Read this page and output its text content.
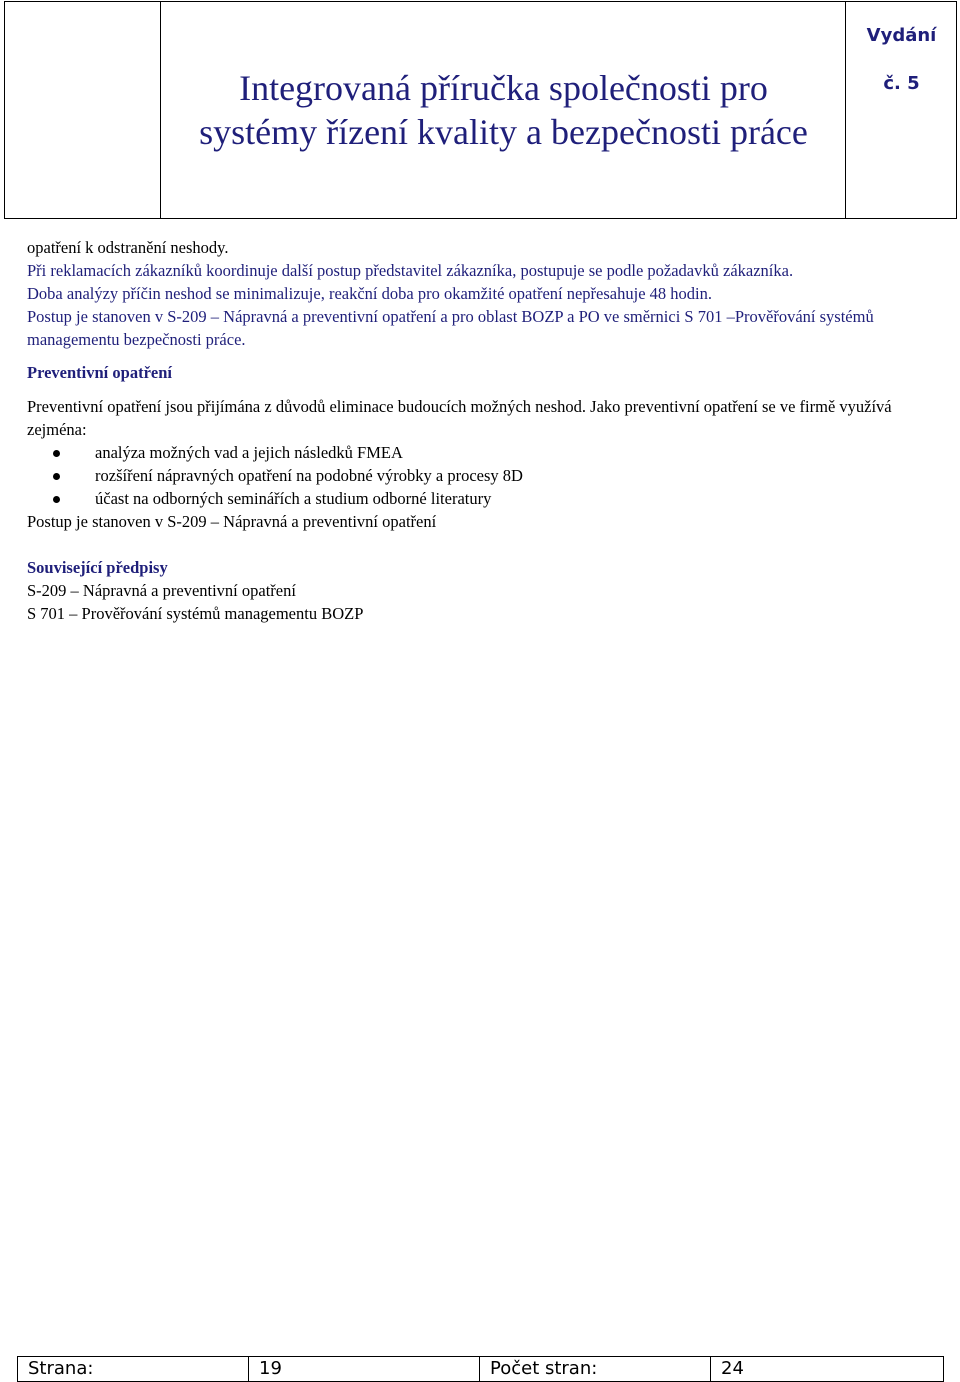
Integrovaná příručka společnosti pro systémy řízení kvality a bezpečnosti práce
Vydání
č. 5

opatření k odstranění neshody.

Při reklamacích zákazníků koordinuje další postup představitel zákazníka, postupuje se podle požadavků zákazníka.

Doba analýzy příčin neshod se minimalizuje, reakční doba pro okamžité opatření nepřesahuje 48 hodin.

Postup je stanoven v S-209 – Nápravná a preventivní opatření a pro oblast BOZP a PO ve směrnici S 701 –Prověřování systémů managementu bezpečnosti práce.

Preventivní opatření

Preventivní opatření jsou přijímána z důvodů eliminace budoucích možných neshod. Jako preventivní opatření se ve firmě využívá zejména:

analýza možných vad a jejich následků FMEA
rozšíření nápravných opatření na podobné výrobky a procesy 8D
účast na odborných seminářích a studium odborné literatury

Postup je stanoven v S-209 – Nápravná a preventivní opatření

Související předpisy

S-209 – Nápravná a preventivní opatření

S 701 – Prověřování systémů managementu BOZP

Strana:	19	Počet stran:	24
